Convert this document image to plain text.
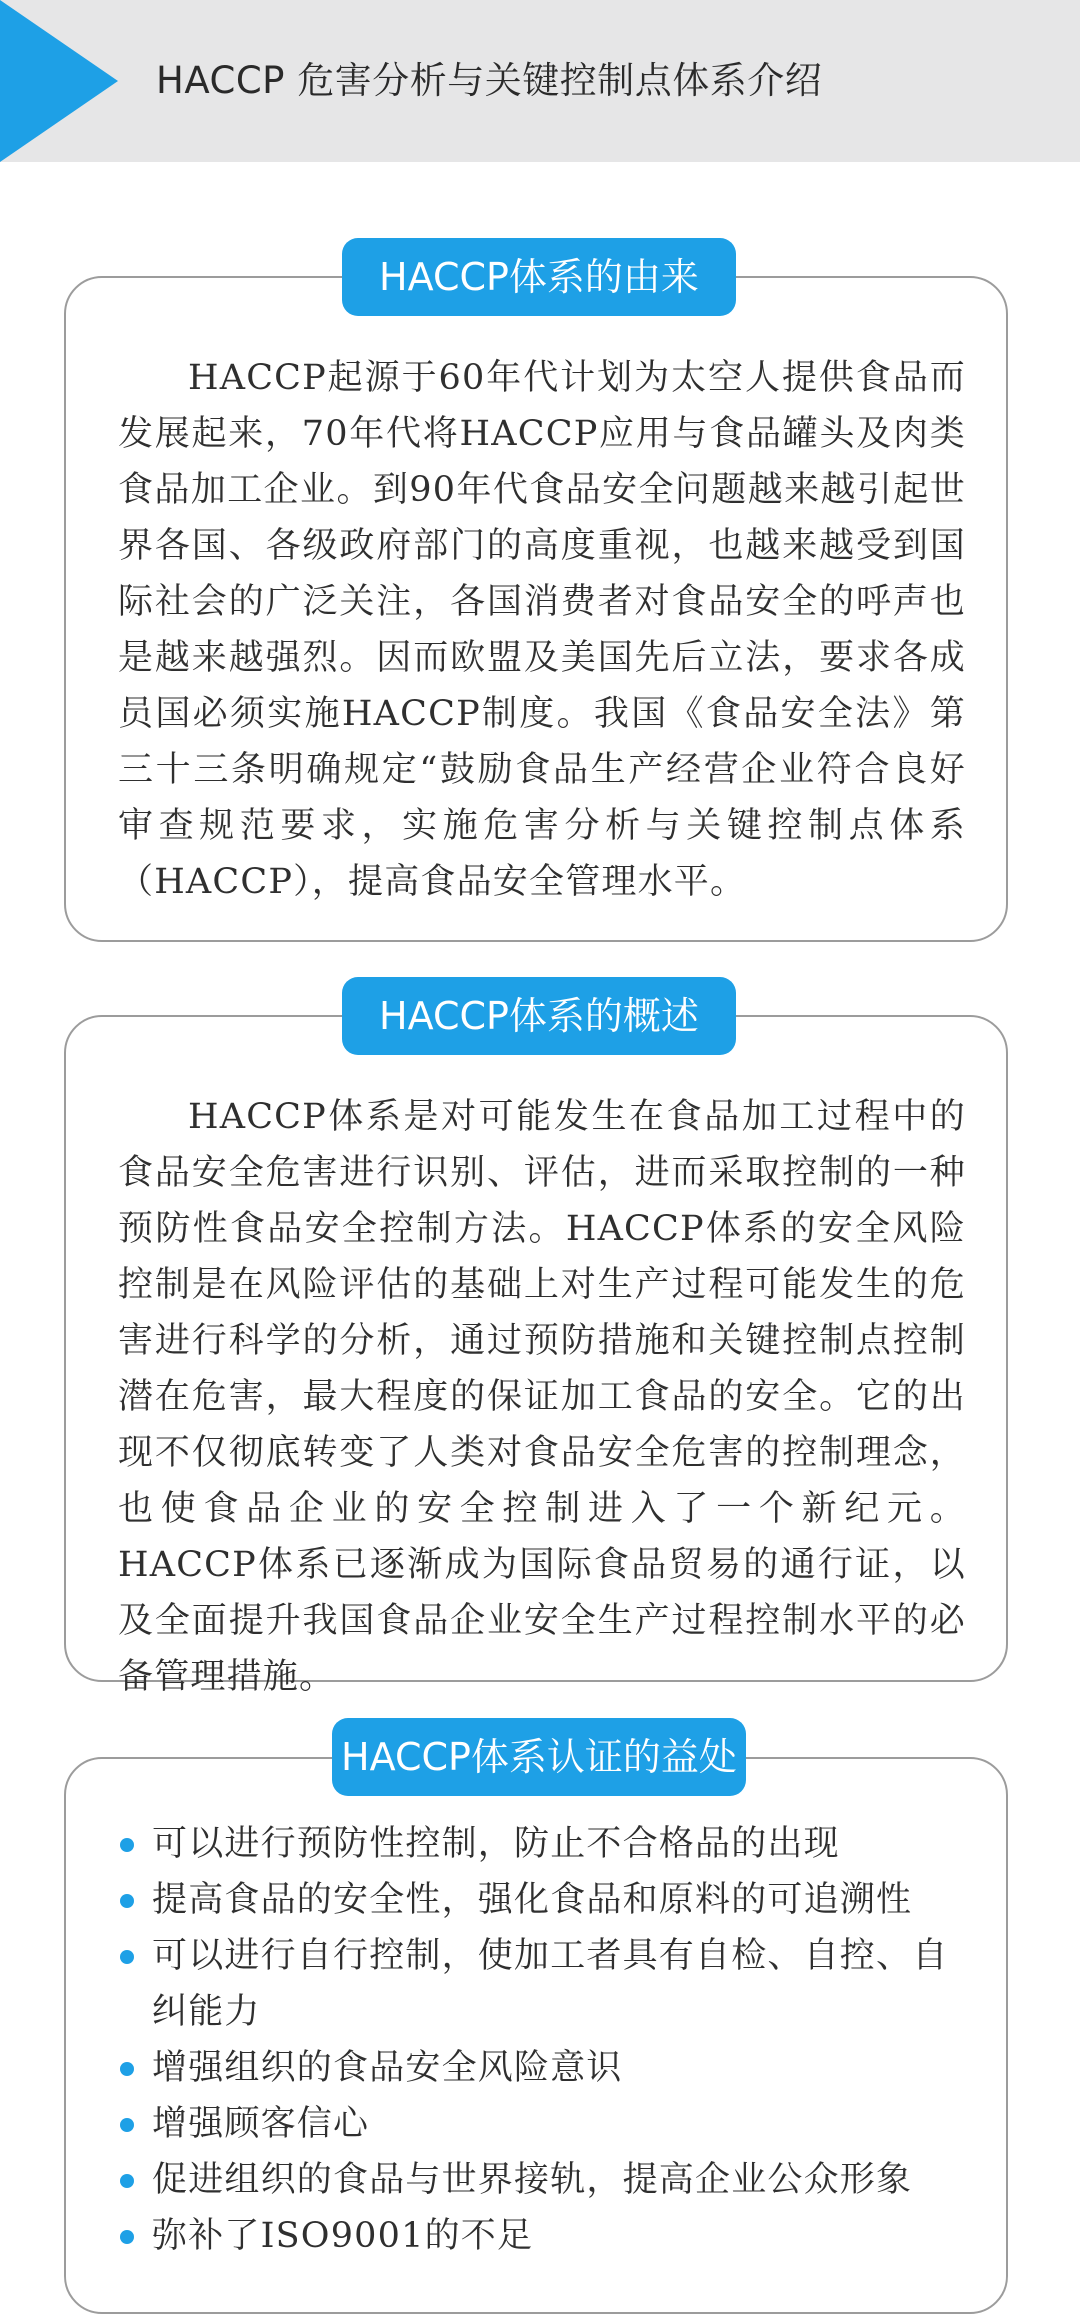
HACCP 危害分析与关键控制点体系介绍
HACCP体系的由来

HACCP起源于60年代计划为太空人提供食品而发展起来，70年代将HACCP应用与食品罐头及肉类食品加工企业。到90年代食品安全问题越来越引起世界各国、各级政府部门的高度重视，也越来越受到国际社会的广泛关注，各国消费者对食品安全的呼声也是越来越强烈。因而欧盟及美国先后立法，要求各成员国必须实施HACCP制度。我国《食品安全法》第三十三条明确规定“鼓励食品生产经营企业符合良好审查规范要求，实施危害分析与关键控制点体系（HACCP），提高食品安全管理水平。

HACCP体系的概述

HACCP体系是对可能发生在食品加工过程中的食品安全危害进行识别、评估，进而采取控制的一种预防性食品安全控制方法。HACCP体系的安全风险控制是在风险评估的基础上对生产过程可能发生的危害进行科学的分析，通过预防措施和关键控制点控制潜在危害，最大程度的保证加工食品的安全。它的出现不仅彻底转变了人类对食品安全危害的控制理念，也使食品企业的安全控制进入了一个新纪元。HACCP体系已逐渐成为国际食品贸易的通行证，以及全面提升我国食品企业安全生产过程控制水平的必备管理措施。

HACCP体系认证的益处
可以进行预防性控制，防止不合格品的出现
提高食品的安全性，强化食品和原料的可追溯性
可以进行自行控制，使加工者具有自检、自控、自纠能力
增强组织的食品安全风险意识
增强顾客信心
促进组织的食品与世界接轨，提高企业公众形象
弥补了ISO9001的不足
